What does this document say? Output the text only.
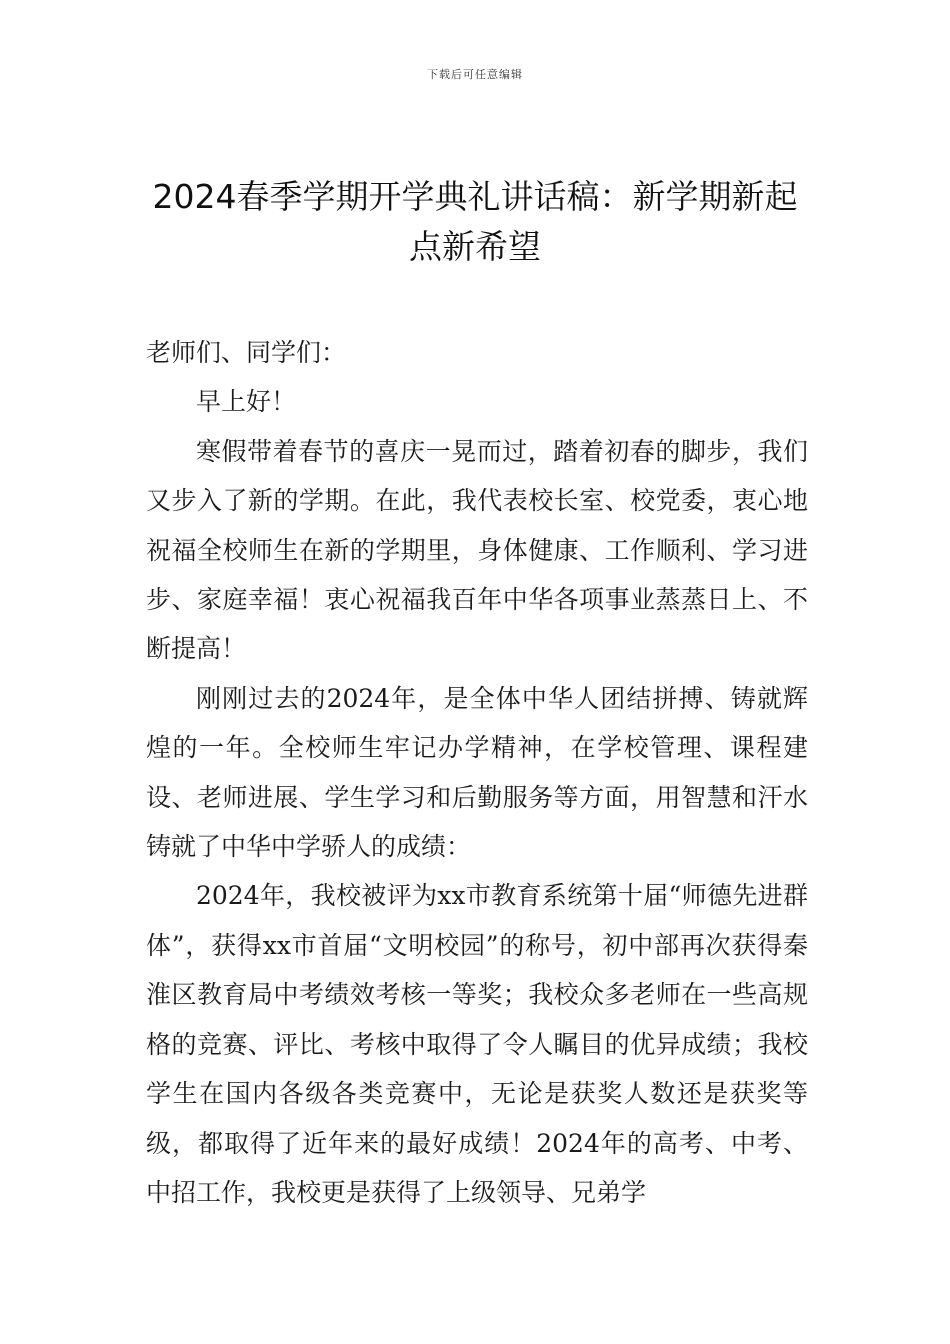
下载后可任意编辑
2024春季学期开学典礼讲话稿：新学期新起点新希望

老师们、同学们：

早上好！

寒假带着春节的喜庆一晃而过，踏着初春的脚步，我们又步入了新的学期。在此，我代表校长室、校党委，衷心地祝福全校师生在新的学期里，身体健康、工作顺利、学习进步、家庭幸福！衷心祝福我百年中华各项事业蒸蒸日上、不断提高！

刚刚过去的2024年，是全体中华人团结拼搏、铸就辉煌的一年。全校师生牢记办学精神，在学校管理、课程建设、老师进展、学生学习和后勤服务等方面，用智慧和汗水铸就了中华中学骄人的成绩：

2024年，我校被评为xx市教育系统第十届“师德先进群体”，获得xx市首届“文明校园”的称号，初中部再次获得秦淮区教育局中考绩效考核一等奖；我校众多老师在一些高规格的竞赛、评比、考核中取得了令人瞩目的优异成绩；我校学生在国内各级各类竞赛中，无论是获奖人数还是获奖等级，都取得了近年来的最好成绩！2024年的高考、中考、中招工作，我校更是获得了上级领导、兄弟学
